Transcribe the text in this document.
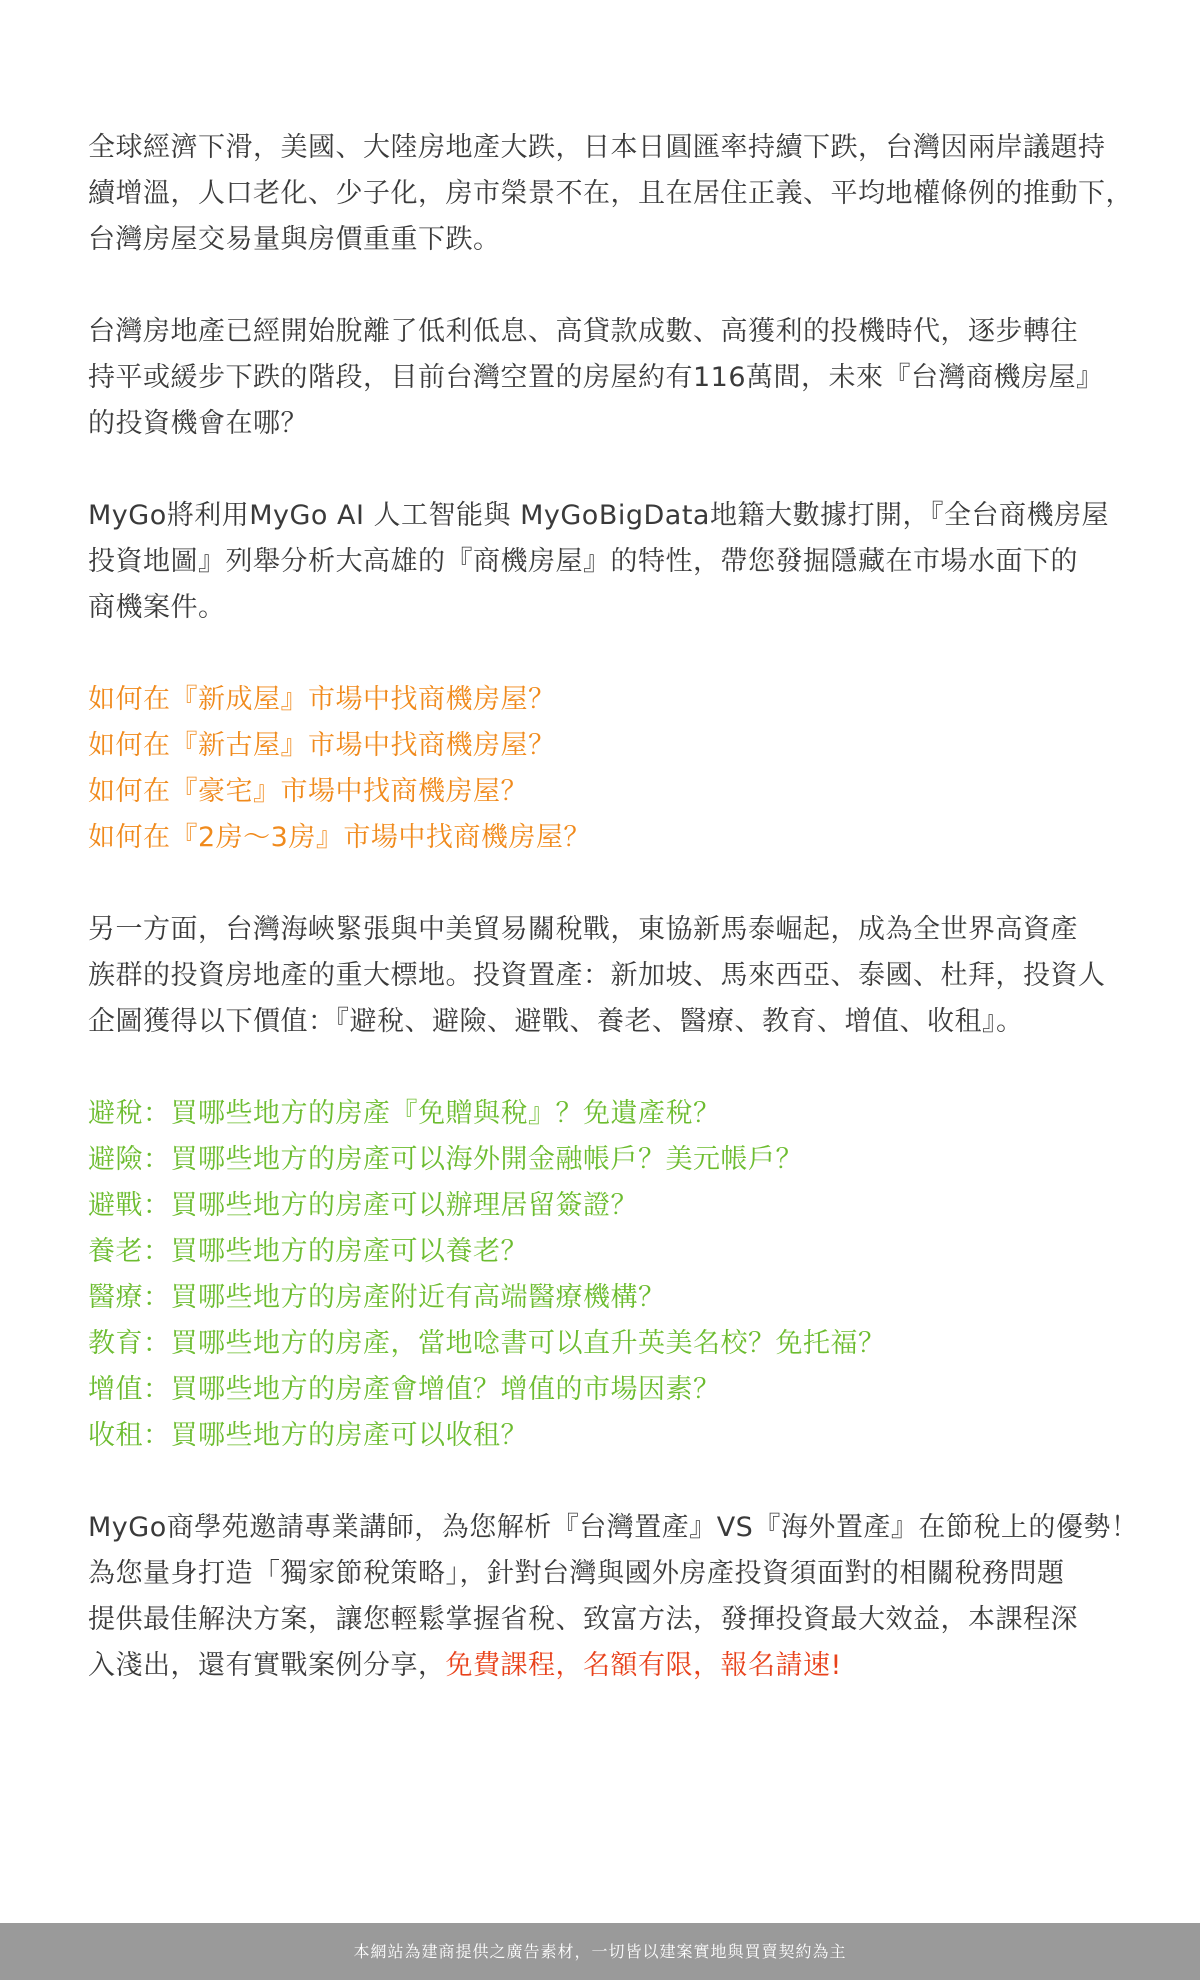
全球經濟下滑，美國、大陸房地產大跌，日本日圓匯率持續下跌，台灣因兩岸議題持
續增溫，人口老化、少子化，房市榮景不在，且在居住正義、平均地權條例的推動下，
台灣房屋交易量與房價重重下跌。
台灣房地產已經開始脫離了低利低息、高貸款成數、高獲利的投機時代，逐步轉往
持平或緩步下跌的階段，目前台灣空置的房屋約有116萬間，未來『台灣商機房屋』
的投資機會在哪？
MyGo將利用MyGo AI 人工智能與 MyGoBigData地籍大數據打開，『全台商機房屋
投資地圖』列舉分析大高雄的『商機房屋』的特性，帶您發掘隱藏在市場水面下的
商機案件。
如何在『新成屋』市場中找商機房屋？
如何在『新古屋』市場中找商機房屋？
如何在『豪宅』市場中找商機房屋？
如何在『2房～3房』市場中找商機房屋？
另一方面，台灣海峽緊張與中美貿易關稅戰，東協新馬泰崛起，成為全世界高資產
族群的投資房地產的重大標地。投資置產：新加坡、馬來西亞、泰國、杜拜，投資人
企圖獲得以下價值：『避稅、避險、避戰、養老、醫療、教育、增值、收租』。
避稅：買哪些地方的房產『免贈與稅』？免遺產稅？
避險：買哪些地方的房產可以海外開金融帳戶？美元帳戶？
避戰：買哪些地方的房產可以辦理居留簽證？
養老：買哪些地方的房產可以養老？
醫療：買哪些地方的房產附近有高端醫療機構？
教育：買哪些地方的房產，當地唸書可以直升英美名校？免托福？
增值：買哪些地方的房產會增值？增值的市場因素？
收租：買哪些地方的房產可以收租？
MyGo商學苑邀請專業講師，為您解析『台灣置產』VS『海外置產』在節稅上的優勢！
為您量身打造「獨家節稅策略」，針對台灣與國外房產投資須面對的相關稅務問題
提供最佳解決方案，讓您輕鬆掌握省稅、致富方法，發揮投資最大效益，本課程深
入淺出，還有實戰案例分享，免費課程，名額有限，報名請速!
本網站為建商提供之廣告素材，一切皆以建案實地與買賣契約為主
